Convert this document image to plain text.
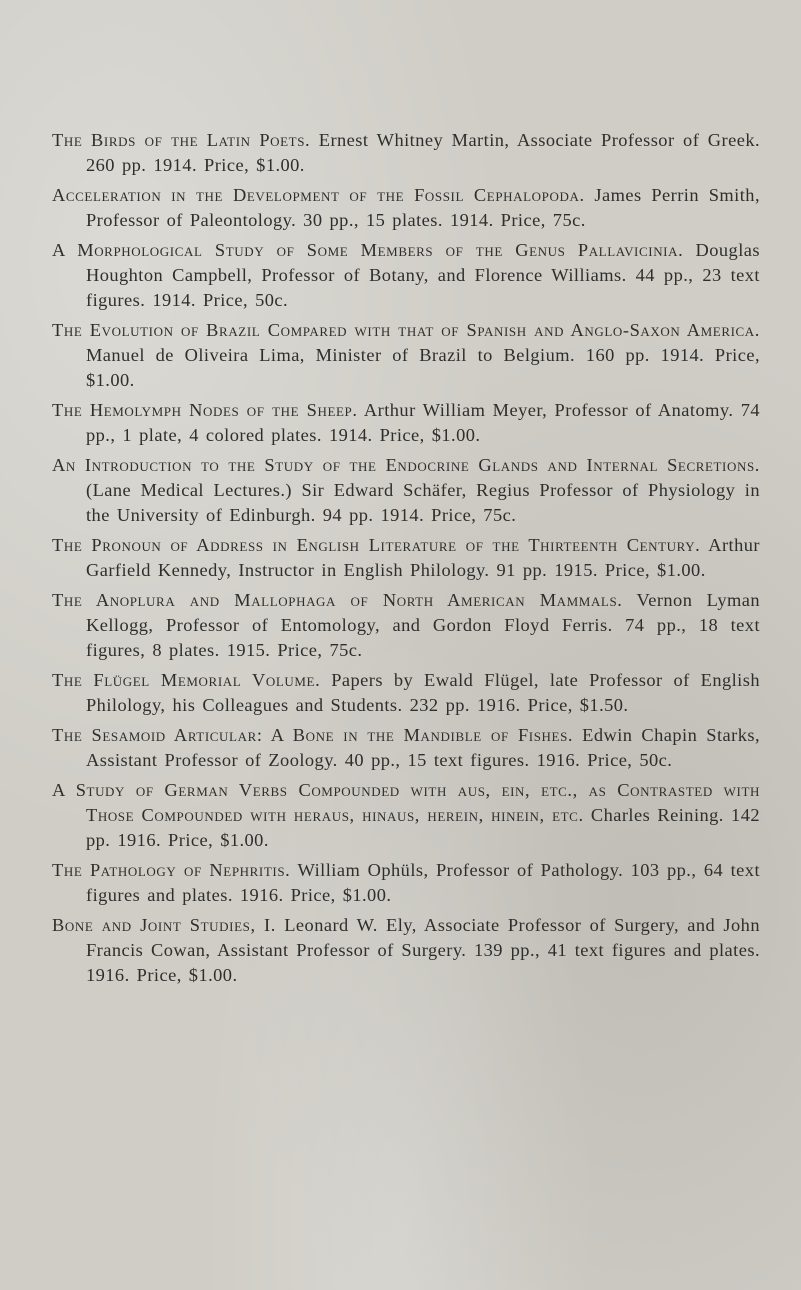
The Birds of the Latin Poets. Ernest Whitney Martin, Associate Professor of Greek. 260 pp. 1914. Price, $1.00.

Acceleration in the Development of the Fossil Cephalopoda. James Perrin Smith, Professor of Paleontology. 30 pp., 15 plates. 1914. Price, 75c.

A Morphological Study of Some Members of the Genus Pallavicinia. Douglas Houghton Campbell, Professor of Botany, and Florence Williams. 44 pp., 23 text figures. 1914. Price, 50c.

The Evolution of Brazil Compared with that of Spanish and Anglo-Saxon America. Manuel de Oliveira Lima, Minister of Brazil to Belgium. 160 pp. 1914. Price, $1.00.

The Hemolymph Nodes of the Sheep. Arthur William Meyer, Professor of Anatomy. 74 pp., 1 plate, 4 colored plates. 1914. Price, $1.00.

An Introduction to the Study of the Endocrine Glands and Internal Secretions. (Lane Medical Lectures.) Sir Edward Schäfer, Regius Professor of Physiology in the University of Edinburgh. 94 pp. 1914. Price, 75c.

The Pronoun of Address in English Literature of the Thirteenth Century. Arthur Garfield Kennedy, Instructor in English Philology. 91 pp. 1915. Price, $1.00.

The Anoplura and Mallophaga of North American Mammals. Vernon Lyman Kellogg, Professor of Entomology, and Gordon Floyd Ferris. 74 pp., 18 text figures, 8 plates. 1915. Price, 75c.

The Flügel Memorial Volume. Papers by Ewald Flügel, late Professor of English Philology, his Colleagues and Students. 232 pp. 1916. Price, $1.50.

The Sesamoid Articular: A Bone in the Mandible of Fishes. Edwin Chapin Starks, Assistant Professor of Zoology. 40 pp., 15 text figures. 1916. Price, 50c.

A Study of German Verbs Compounded with aus, ein, etc., as Contrasted with Those Compounded with heraus, hinaus, herein, hinein, etc. Charles Reining. 142 pp. 1916. Price, $1.00.

The Pathology of Nephritis. William Ophüls, Professor of Pathology. 103 pp., 64 text figures and plates. 1916. Price, $1.00.

Bone and Joint Studies, I. Leonard W. Ely, Associate Professor of Surgery, and John Francis Cowan, Assistant Professor of Surgery. 139 pp., 41 text figures and plates. 1916. Price, $1.00.
